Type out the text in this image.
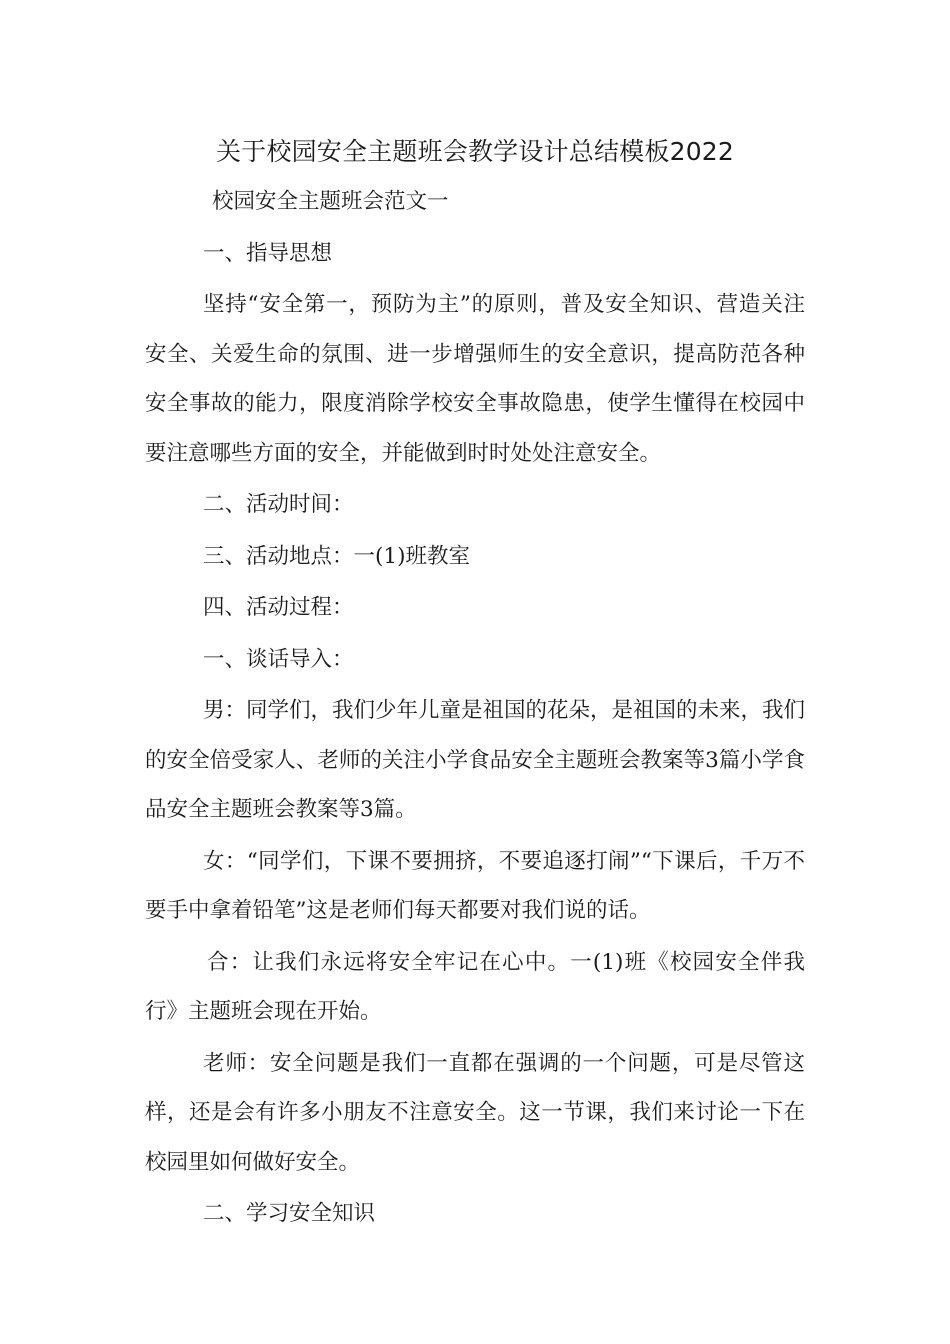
关于校园安全主题班会教学设计总结模板2022

校园安全主题班会范文一

一、指导思想

坚持“安全第一，预防为主”的原则，普及安全知识、营造关注安全、关爱生命的氛围、进一步增强师生的安全意识，提高防范各种安全事故的能力，限度消除学校安全事故隐患，使学生懂得在校园中要注意哪些方面的安全，并能做到时时处处注意安全。

二、活动时间：

三、活动地点：一(1)班教室

四、活动过程：

一、谈话导入：

男：同学们，我们少年儿童是祖国的花朵，是祖国的未来，我们的安全倍受家人、老师的关注小学食品安全主题班会教案等3篇小学食品安全主题班会教案等3篇。

女：“同学们，下课不要拥挤，不要追逐打闹”“下课后，千万不要手中拿着铅笔”这是老师们每天都要对我们说的话。

合：让我们永远将安全牢记在心中。一(1)班《校园安全伴我行》主题班会现在开始。

老师：安全问题是我们一直都在强调的一个问题，可是尽管这样，还是会有许多小朋友不注意安全。这一节课，我们来讨论一下在校园里如何做好安全。

二、学习安全知识
